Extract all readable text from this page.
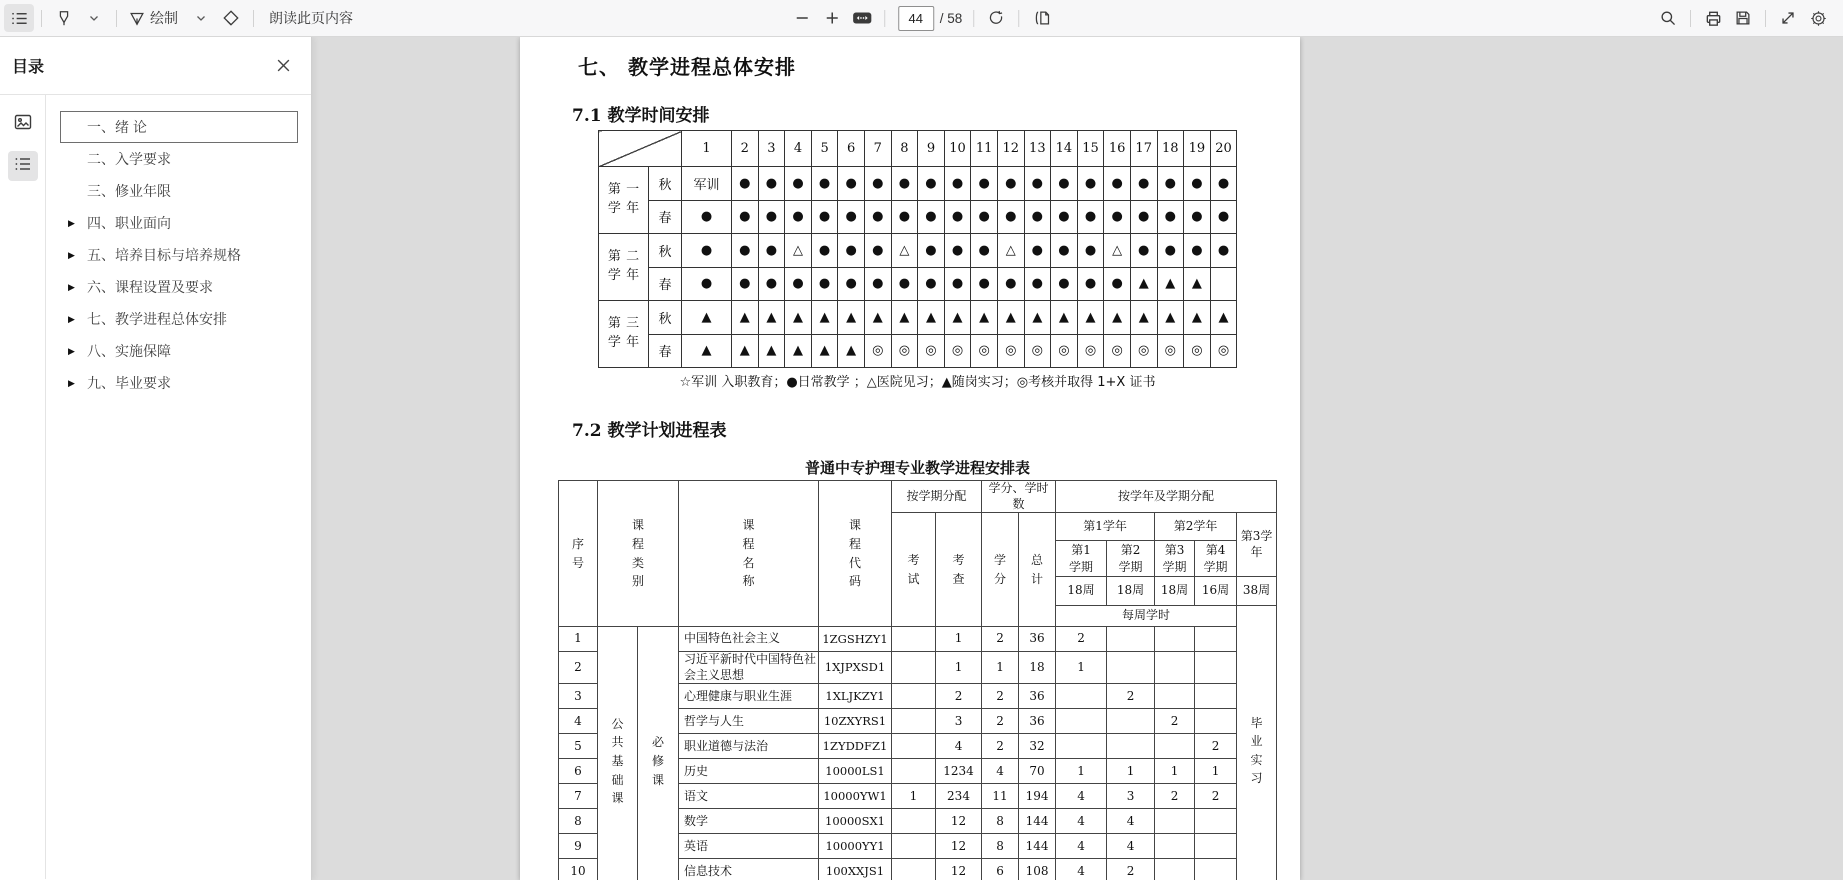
绘制	朗读此页内容
44	/ 58
七、 教学进程总体安排
7.1 教学时间安排
		1	2	3	4	5	6	7	8	9	10	11	12	13	14	15	16	17	18	19	20

第一
学年	秋	军训	●	●	●	●	●	●	●	●	●	●	●	●	●	●	●	●	●	●	●
	春	●	●	●	●	●	●	●	●	●	●	●	●	●	●	●	●	●	●	●	●

第二
学年	秋	●	●	●	△	●	●	●	△	●	●	●	△	●	●	●	△	●	●	●	●
	春	●	●	●	●	●	●	●	●	●	●	●	●	●	●	●	●	▲	▲	▲	

第三
学年	秋	▲	▲	▲	▲	▲	▲	▲	▲	▲	▲	▲	▲	▲	▲	▲	▲	▲	▲	▲	▲
	春	▲	▲	▲	▲	▲	▲	◎	◎	◎	◎	◎	◎	◎	◎	◎	◎	◎	◎	◎	◎
☆军训 入职教育；●日常教学 ；△医院见习；▲随岗实习；◎考核并取得 1+X 证书
7.2 教学计划进程表
普通中专护理专业教学进程安排表
序号	课程类别		课程名称	课程代码	按学期分配		学分、学时数		按学年及学期分配				
					考试	考查	学分	总计	第1学年		第2学年		第3学年
									第1学期	第2学期	第3学期	第4学期	
									18周	18周	18周	16周	38周
									每周学时				毕业实习
1	公共基础课	必修课	中国特色社会主义	1ZGSHZY1		1	2	36	2				
2			习近平新时代中国特色社会主义思想	1XJPXSD1		1	1	18	1				
3			心理健康与职业生涯	1XLJKZY1		2	2	36		2			
4			哲学与人生	10ZXYRS1		3	2	36			2		
5			职业道德与法治	1ZYDDFZ1		4	2	32				2	
6			历史	10000LS1		1234	4	70	1	1	1	1	
7			语文	10000YW1	1	234	11	194	4	3	2	2	
8			数学	10000SX1		12	8	144	4	4			
9			英语	10000YY1		12	8	144	4	4			
10			信息技术	100XXJS1		12	6	108	4	2			

目录
一、绪 论
二、入学要求
三、修业年限
▶ 四、职业面向
▶ 五、培养目标与培养规格
▶ 六、课程设置及要求
▶ 七、教学进程总体安排
▶ 八、实施保障
▶ 九、毕业要求
